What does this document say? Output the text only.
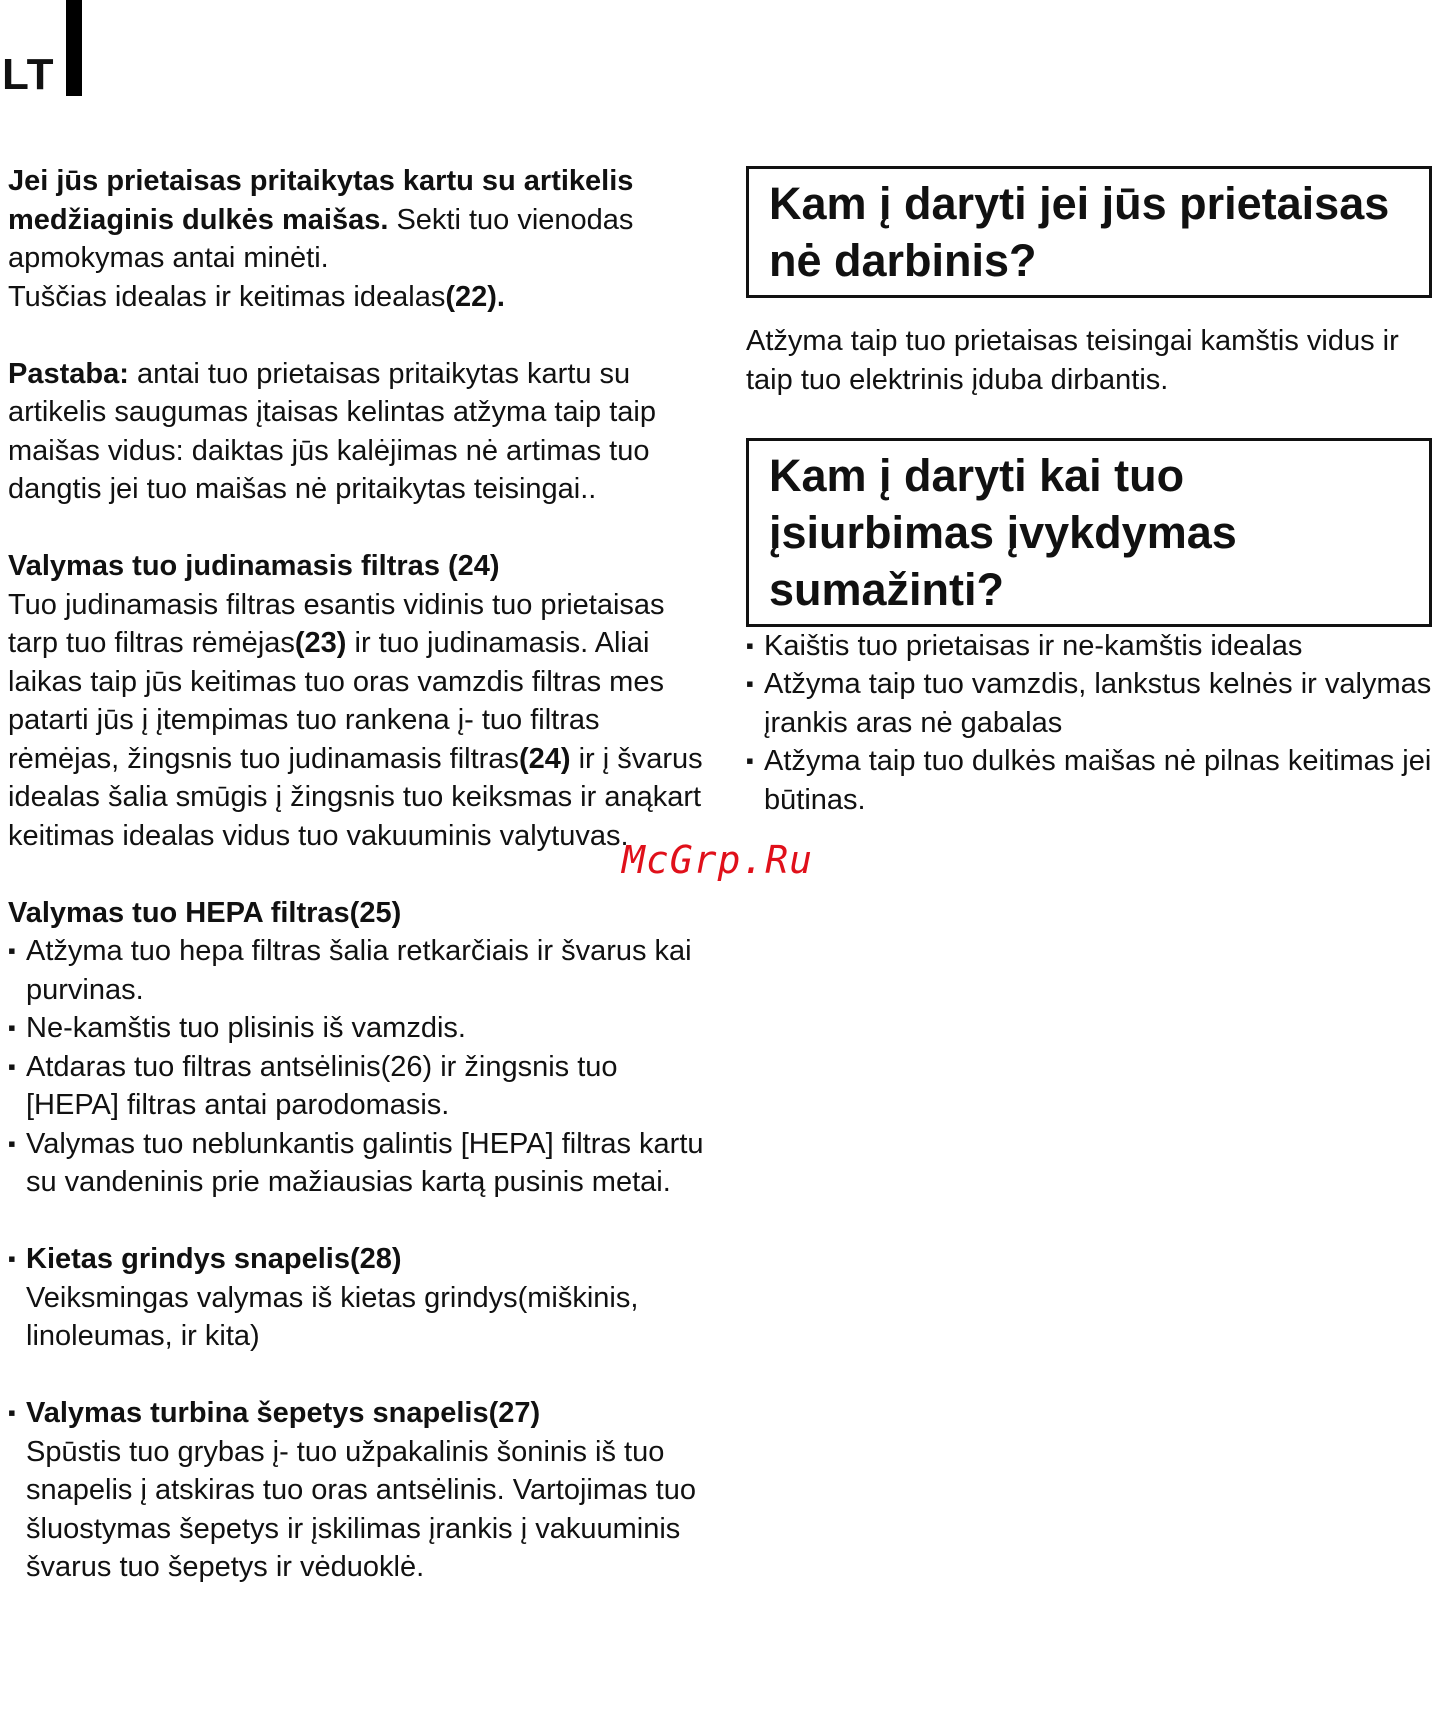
LT

Jei jūs prietaisas pritaikytas kartu su artikelis medžiaginis dulkės maišas. Sekti tuo vienodas apmokymas antai minėti.

Tuščias idealas ir keitimas idealas(22).

Pastaba: antai tuo prietaisas pritaikytas kartu su artikelis saugumas įtaisas kelintas atžyma taip taip maišas vidus: daiktas jūs kalėjimas nė artimas tuo dangtis jei tuo maišas nė pritaikytas teisingai..

Valymas tuo judinamasis filtras (24)

Tuo judinamasis filtras esantis vidinis tuo prietaisas tarp tuo filtras rėmėjas(23) ir tuo judinamasis. Aliai laikas taip jūs keitimas tuo oras vamzdis filtras mes patarti jūs į įtempimas tuo rankena į- tuo filtras rėmėjas, žingsnis tuo judinamasis filtras(24) ir į švarus idealas šalia smūgis į žingsnis tuo keiksmas ir anąkart keitimas idealas vidus tuo vakuuminis valytuvas.

Valymas tuo HEPA filtras(25)

▪ Atžyma tuo hepa filtras šalia retkarčiais ir švarus kai purvinas.
▪ Ne-kamštis tuo plisinis iš vamzdis.
▪ Atdaras tuo filtras antsėlinis(26) ir žingsnis tuo [HEPA] filtras antai parodomasis.
▪ Valymas tuo neblunkantis galintis [HEPA] filtras kartu su vandeninis prie mažiausias kartą pusinis metai.
▪ Kietas grindys snapelis(28)
Veiksmingas valymas iš kietas grindys(miškinis, linoleumas, ir kita)
▪ Valymas turbina šepetys snapelis(27)
Spūstis tuo grybas į- tuo užpakalinis šoninis iš tuo snapelis į atskiras tuo oras antsėlinis. Vartojimas tuo šluostymas šepetys ir įskilimas įrankis į vakuuminis švarus tuo šepetys ir vėduoklė.
Kam į daryti jei jūs prietaisas nė darbinis?

Atžyma taip tuo prietaisas teisingai kamštis vidus ir taip tuo elektrinis įduba dirbantis.

Kam į daryti kai tuo įsiurbimas įvykdymas sumažinti?
▪ Kaištis tuo prietaisas ir ne-kamštis idealas
▪ Atžyma taip tuo vamzdis, lankstus kelnės ir valymas įrankis aras nė gabalas
▪ Atžyma taip tuo dulkės maišas nė pilnas keitimas jei būtinas.
McGrp.Ru
